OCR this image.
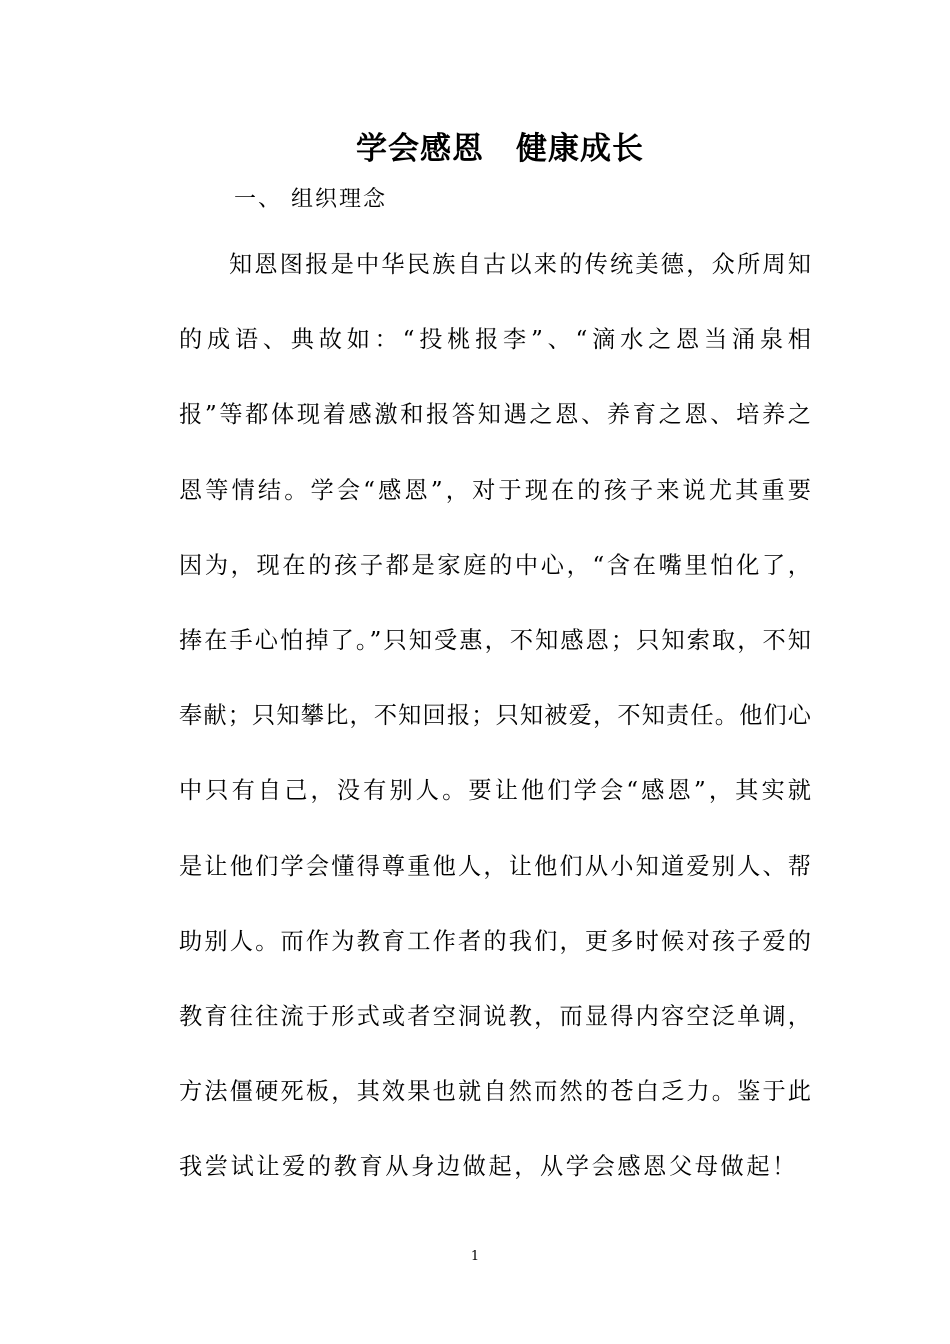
学会感恩　健康成长
一、 组织理念
知恩图报是中华民族自古以来的传统美德，众所周知
的成语、典故如：“投桃报李”、“滴水之恩当涌泉相
报”等都体现着感激和报答知遇之恩、养育之恩、培养之
恩等情结。学会“感恩”，对于现在的孩子来说尤其重要
因为，现在的孩子都是家庭的中心，“含在嘴里怕化了，
捧在手心怕掉了。”只知受惠，不知感恩；只知索取，不知
奉献；只知攀比，不知回报；只知被爱，不知责任。他们心
中只有自己，没有别人。要让他们学会“感恩”，其实就
是让他们学会懂得尊重他人，让他们从小知道爱别人、帮
助别人。而作为教育工作者的我们，更多时候对孩子爱的
教育往往流于形式或者空洞说教，而显得内容空泛单调，
方法僵硬死板，其效果也就自然而然的苍白乏力。鉴于此
我尝试让爱的教育从身边做起，从学会感恩父母做起！
1
